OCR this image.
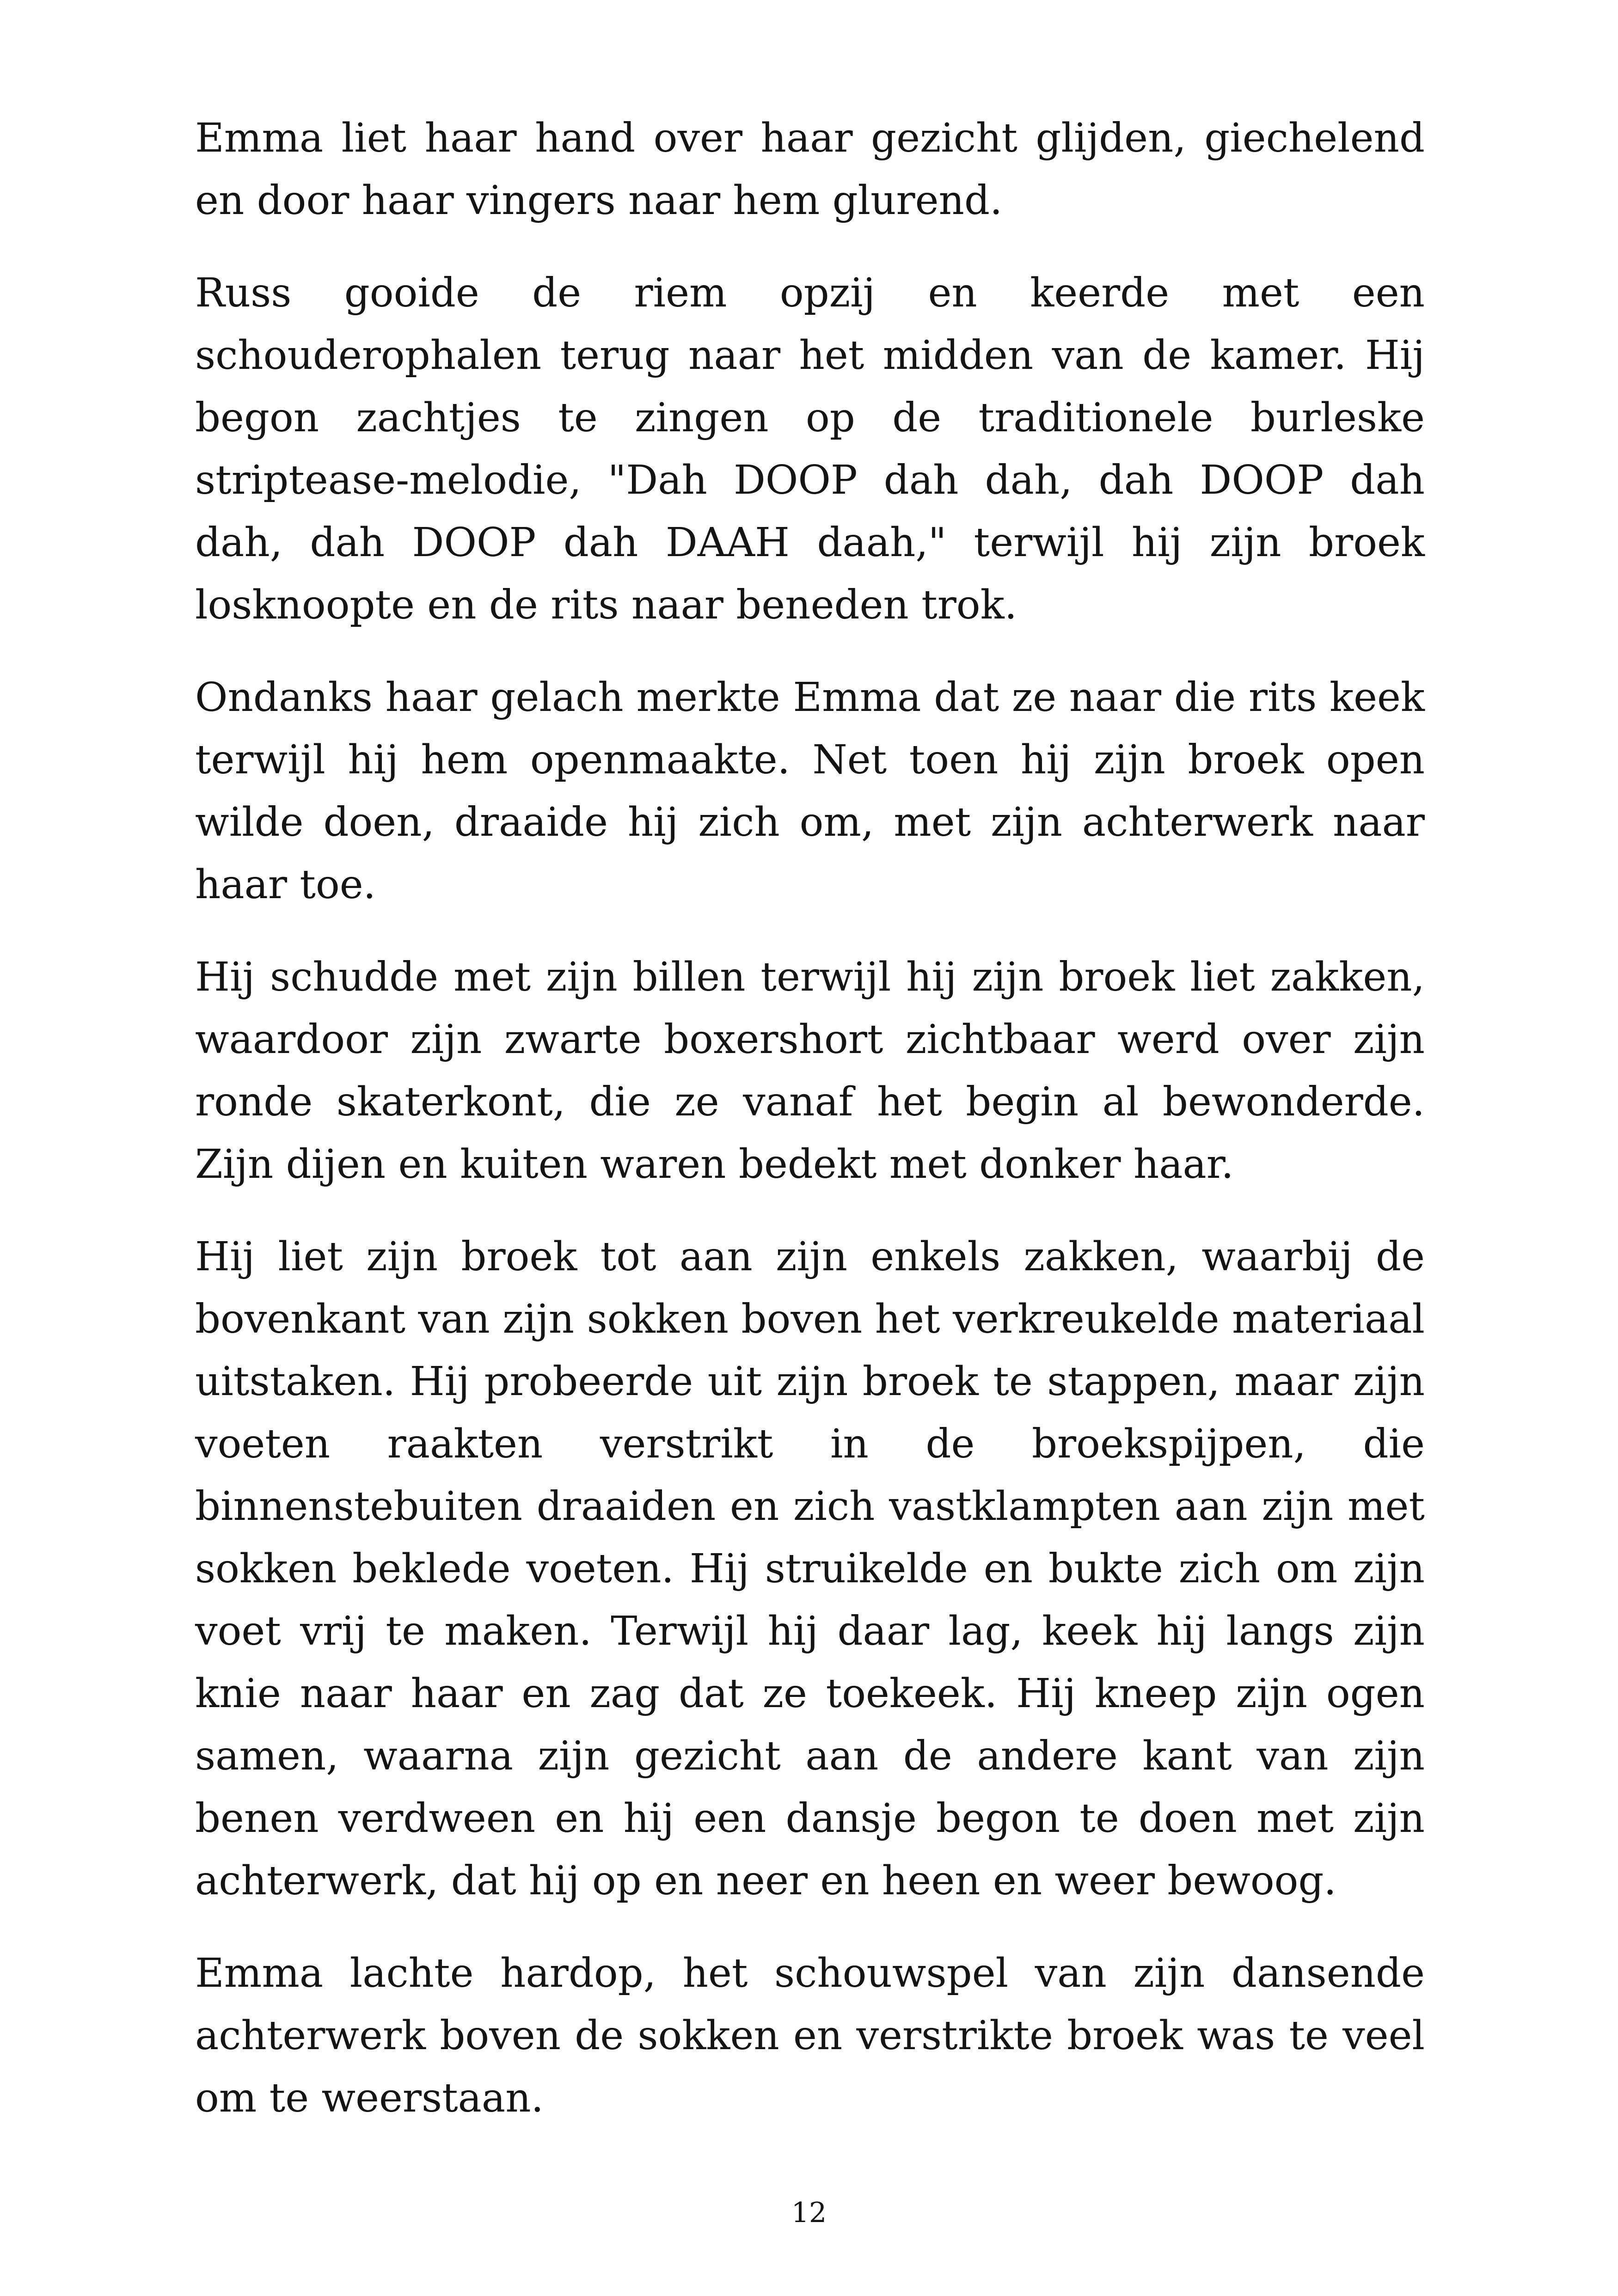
Emma liet haar hand over haar gezicht glijden, giechelend en door haar vingers naar hem glurend.

Russ gooide de riem opzij en keerde met een schouderophalen terug naar het midden van de kamer. Hij begon zachtjes te zingen op de traditionele burleske striptease-melodie, "Dah DOOP dah dah, dah DOOP dah dah, dah DOOP dah DAAH daah," terwijl hij zijn broek losknoopte en de rits naar beneden trok.

Ondanks haar gelach merkte Emma dat ze naar die rits keek terwijl hij hem openmaakte. Net toen hij zijn broek open wilde doen, draaide hij zich om, met zijn achterwerk naar haar toe.

Hij schudde met zijn billen terwijl hij zijn broek liet zakken, waardoor zijn zwarte boxershort zichtbaar werd over zijn ronde skaterkont, die ze vanaf het begin al bewonderde. Zijn dijen en kuiten waren bedekt met donker haar.

Hij liet zijn broek tot aan zijn enkels zakken, waarbij de bovenkant van zijn sokken boven het verkreukelde materiaal uitstaken. Hij probeerde uit zijn broek te stappen, maar zijn voeten raakten verstrikt in de broekspijpen, die binnenstebuiten draaiden en zich vastklampten aan zijn met sokken beklede voeten. Hij struikelde en bukte zich om zijn voet vrij te maken. Terwijl hij daar lag, keek hij langs zijn knie naar haar en zag dat ze toekeek. Hij kneep zijn ogen samen, waarna zijn gezicht aan de andere kant van zijn benen verdween en hij een dansje begon te doen met zijn achterwerk, dat hij op en neer en heen en weer bewoog.

Emma lachte hardop, het schouwspel van zijn dansende achterwerk boven de sokken en verstrikte broek was te veel om te weerstaan.

12
